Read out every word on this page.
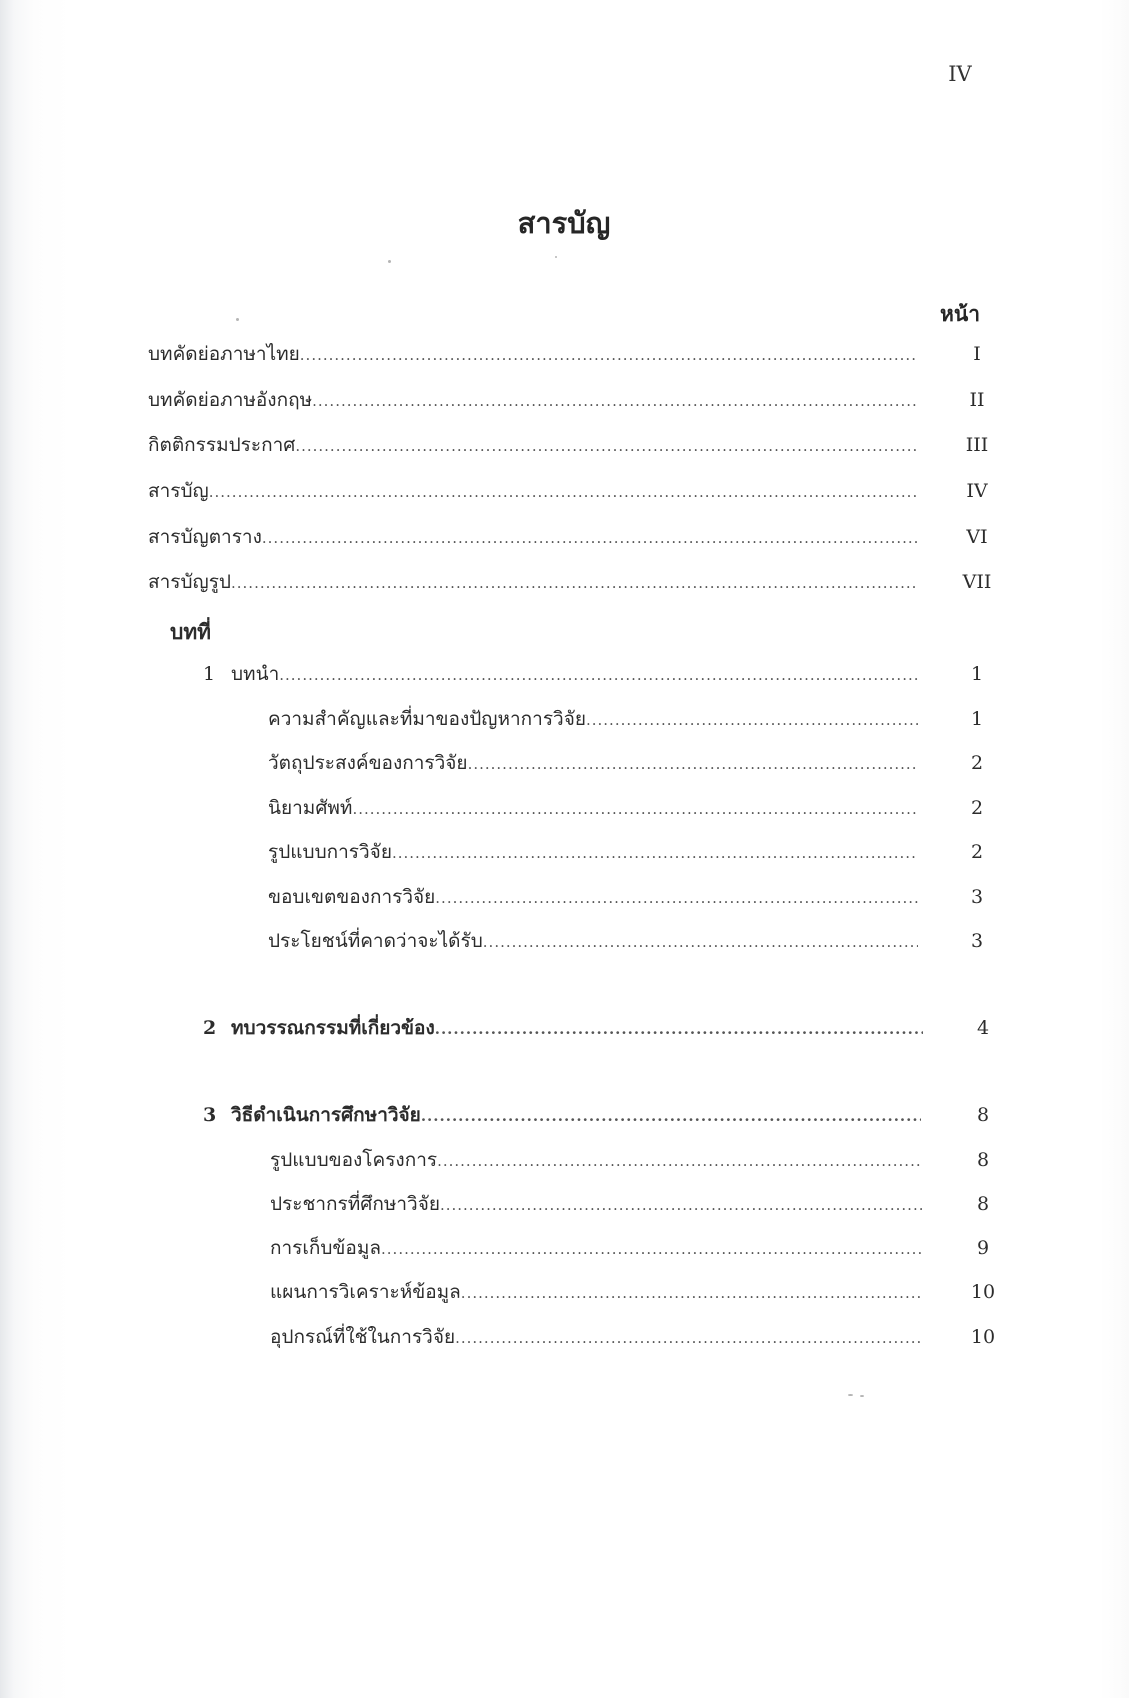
IV
สารบัญ
หน้า
บทคัดย่อภาษาไทย .....	I
บทคัดย่อภาษอังกฤษ .....	II
กิตติกรรมประกาศ .....	III
สารบัญ .....	IV
สารบัญตาราง .....	VI
สารบัญรูป .....	VII
บทที่
1 บทนำ .....	1
ความสำคัญและที่มาของปัญหาการวิจัย .....	1
วัตถุประสงค์ของการวิจัย .....	2
นิยามศัพท์ .....	2
รูปแบบการวิจัย .....	2
ขอบเขตของการวิจัย .....	3
ประโยชน์ที่คาดว่าจะได้รับ .....	3
2 ทบวรรณกรรมที่เกี่ยวข้อง .....	4
3 วิธีดำเนินการศึกษาวิจัย .....	8
รูปแบบของโครงการ .....	8
ประชากรที่ศึกษาวิจัย .....	8
การเก็บข้อมูล .....	9
แผนการวิเคราะห์ข้อมูล .....	10
อุปกรณ์ที่ใช้ในการวิจัย .....	10
